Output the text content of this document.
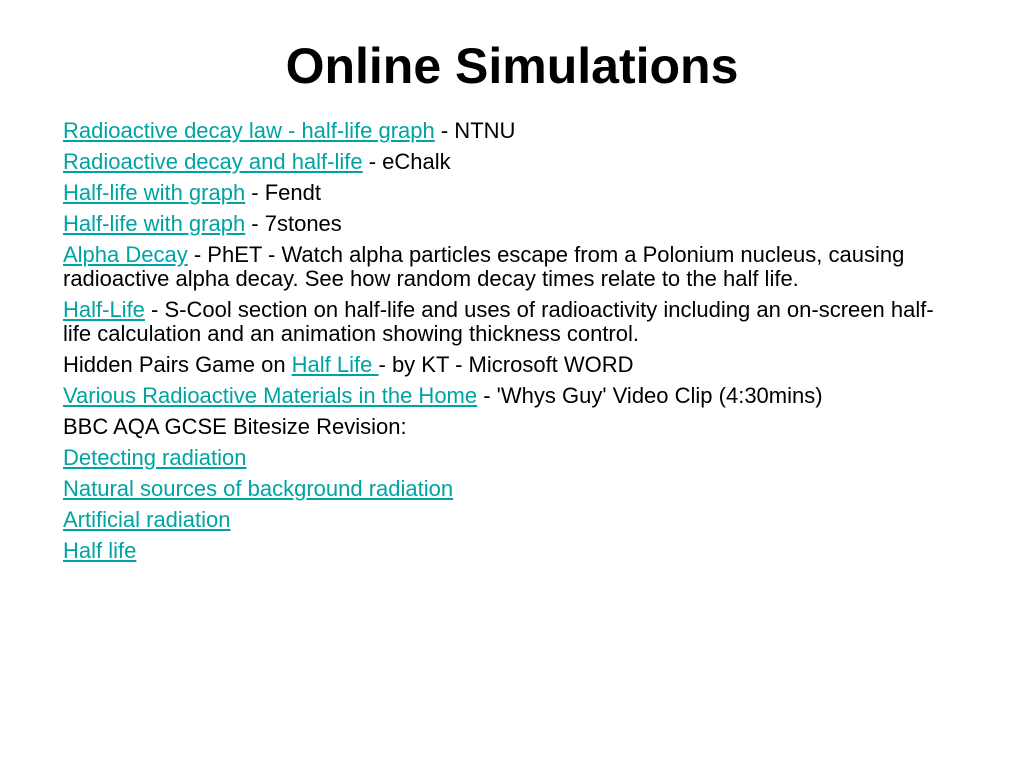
Online Simulations

Radioactive decay law - half-life graph - NTNU

Radioactive decay and half-life - eChalk

Half-life with graph - Fendt

Half-life with graph - 7stones

Alpha Decay - PhET - Watch alpha particles escape from a Polonium nucleus, causing radioactive alpha decay. See how random decay times relate to the half life.

Half-Life - S-Cool section on half-life and uses of radioactivity including an on-screen half-life calculation and an animation showing thickness control.

Hidden Pairs Game on Half Life - by KT - Microsoft WORD

Various Radioactive Materials in the Home - 'Whys Guy' Video Clip (4:30mins)

BBC AQA GCSE Bitesize Revision:

Detecting radiation

Natural sources of background radiation

Artificial radiation

Half life
